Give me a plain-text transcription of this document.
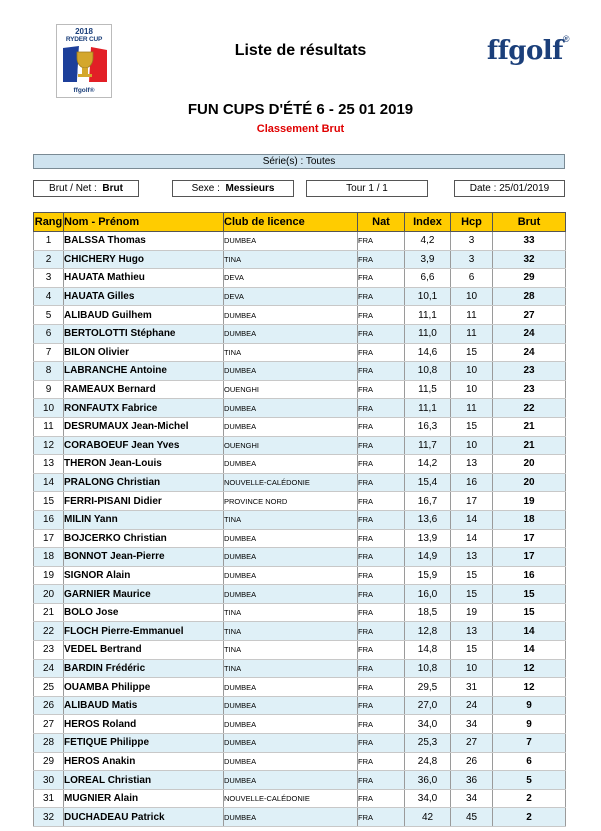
2018
RYDER CUP
ffgolf®
Liste de résultats	ffgolf®
FUN CUPS D'ÉTÉ 6 - 25 01 2019
Classement Brut
Série(s) : Toutes
Brut / Net : Brut	Sexe : Messieurs	Tour 1 / 1	Date : 25/01/2019
Rang	Nom - Prénom	Club de licence	Nat	Index	Hcp	Brut
1	BALSSA Thomas	DUMBEA	FRA	4,2	3	33
2	CHICHERY Hugo	TINA	FRA	3,9	3	32
3	HAUATA Mathieu	DEVA	FRA	6,6	6	29
4	HAUATA Gilles	DEVA	FRA	10,1	10	28
5	ALIBAUD Guilhem	DUMBEA	FRA	11,1	11	27
6	BERTOLOTTI Stéphane	DUMBEA	FRA	11,0	11	24
7	BILON Olivier	TINA	FRA	14,6	15	24
8	LABRANCHE Antoine	DUMBEA	FRA	10,8	10	23
9	RAMEAUX Bernard	OUENGHI	FRA	11,5	10	23
10	RONFAUTX Fabrice	DUMBEA	FRA	11,1	11	22
11	DESRUMAUX Jean-Michel	DUMBEA	FRA	16,3	15	21
12	CORABOEUF Jean Yves	OUENGHI	FRA	11,7	10	21
13	THERON Jean-Louis	DUMBEA	FRA	14,2	13	20
14	PRALONG Christian	NOUVELLE-CALÉDONIE	FRA	15,4	16	20
15	FERRI-PISANI Didier	PROVINCE NORD	FRA	16,7	17	19
16	MILIN Yann	TINA	FRA	13,6	14	18
17	BOJCERKO Christian	DUMBEA	FRA	13,9	14	17
18	BONNOT Jean-Pierre	DUMBEA	FRA	14,9	13	17
19	SIGNOR Alain	DUMBEA	FRA	15,9	15	16
20	GARNIER Maurice	DUMBEA	FRA	16,0	15	15
21	BOLO Jose	TINA	FRA	18,5	19	15
22	FLOCH Pierre-Emmanuel	TINA	FRA	12,8	13	14
23	VEDEL Bertrand	TINA	FRA	14,8	15	14
24	BARDIN Frédéric	TINA	FRA	10,8	10	12
25	OUAMBA Philippe	DUMBEA	FRA	29,5	31	12
26	ALIBAUD Matis	DUMBEA	FRA	27,0	24	9
27	HEROS Roland	DUMBEA	FRA	34,0	34	9
28	FETIQUE Philippe	DUMBEA	FRA	25,3	27	7
29	HEROS Anakin	DUMBEA	FRA	24,8	26	6
30	LOREAL Christian	DUMBEA	FRA	36,0	36	5
31	MUGNIER Alain	NOUVELLE-CALÉDONIE	FRA	34,0	34	2
32	DUCHADEAU Patrick	DUMBEA	FRA	42	45	2
